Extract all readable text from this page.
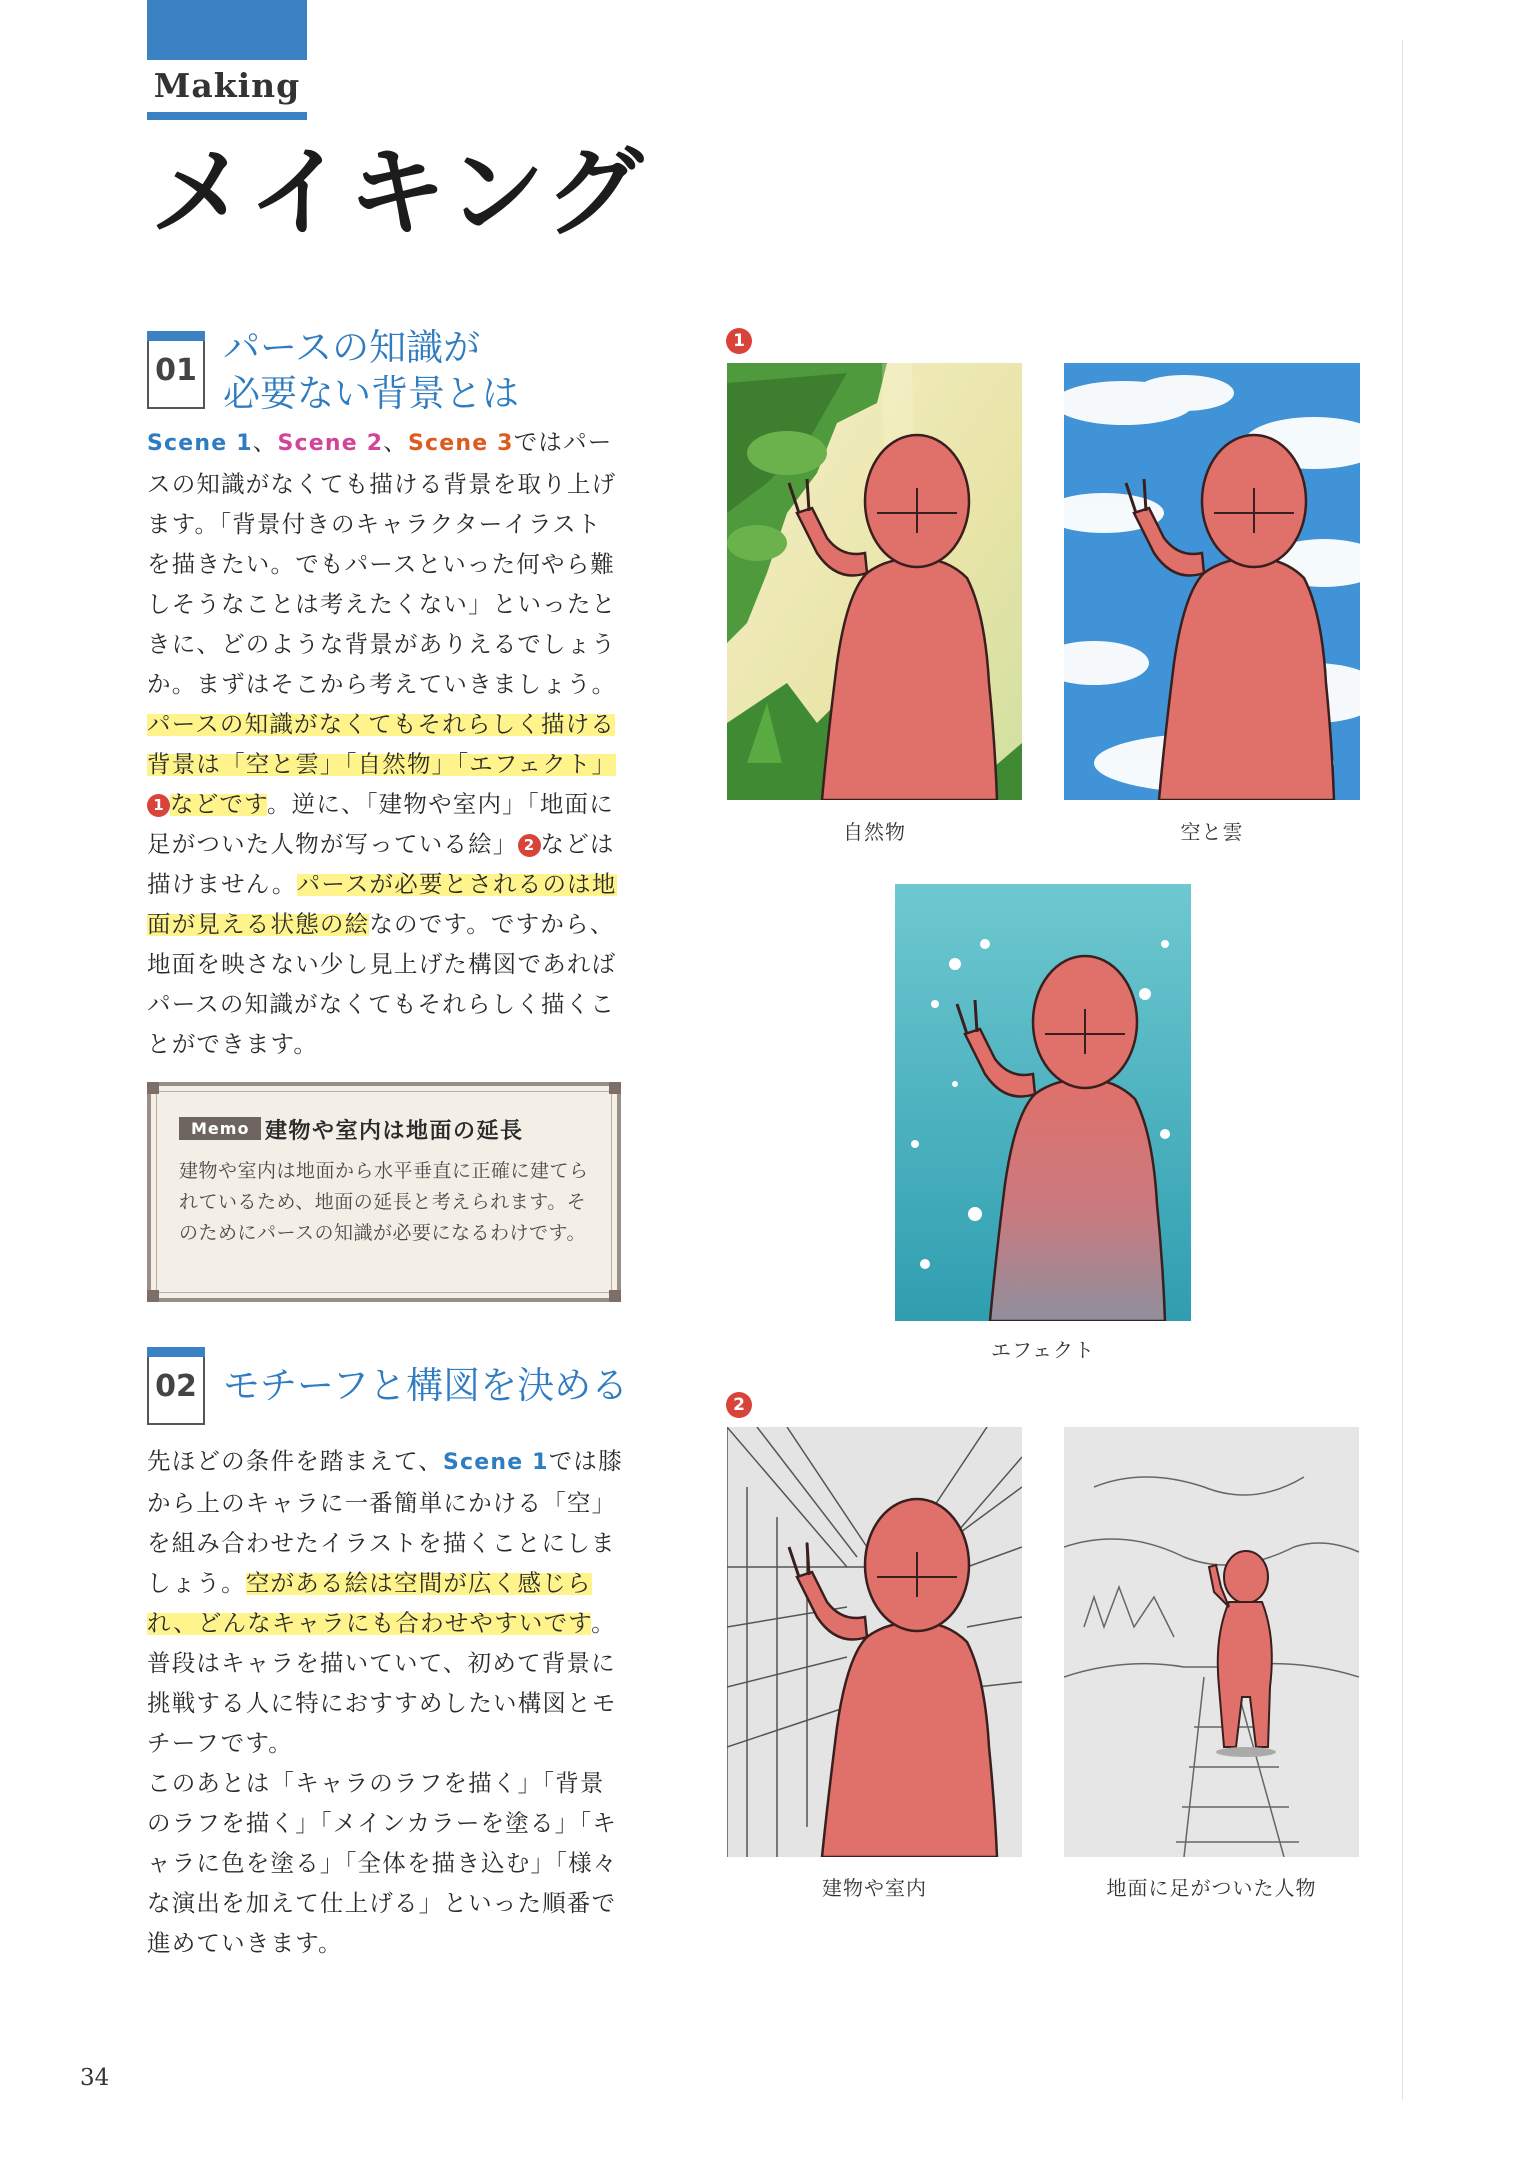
Making
メイキング
01
パースの知識が
必要ない背景とは

Scene 1、Scene 2、Scene 3ではパースの知識がなくても描ける背景を取り上げます。「背景付きのキャラクターイラストを描きたい。でもパースといった何やら難しそうなことは考えたくない」といったときに、どのような背景がありえるでしょうか。まずはそこから考えていきましょう。

パースの知識がなくてもそれらしく描ける背景は「空と雲」「自然物」「エフェクト」1 などです。逆に、「建物や室内」「地面に足がついた人物が写っている絵」 2 などは描けません。パースが必要とされるのは地面が見える状態の絵なのです。ですから、地面を映さない少し見上げた構図であればパースの知識がなくてもそれらしく描くことができます。

Memo 建物や室内は地面の延長
建物や室内は地面から水平垂直に正確に建てられているため、地面の延長と考えられます。そのためにパースの知識が必要になるわけです。
02 モチーフと構図を決める

先ほどの条件を踏まえて、Scene 1では膝から上のキャラに一番簡単にかける「空」を組み合わせたイラストを描くことにしましょう。空がある絵は空間が広く感じられ、どんなキャラにも合わせやすいです。普段はキャラを描いていて、初めて背景に挑戦する人に特におすすめしたい構図とモチーフです。

このあとは「キャラのラフを描く」「背景のラフを描く」「メインカラーを塗る」「キャラに色を塗る」「全体を描き込む」「様々な演出を加えて仕上げる」といった順番で進めていきます。

1
自然物	空と雲
エフェクト
2
建物や室内	地面に足がついた人物
34
